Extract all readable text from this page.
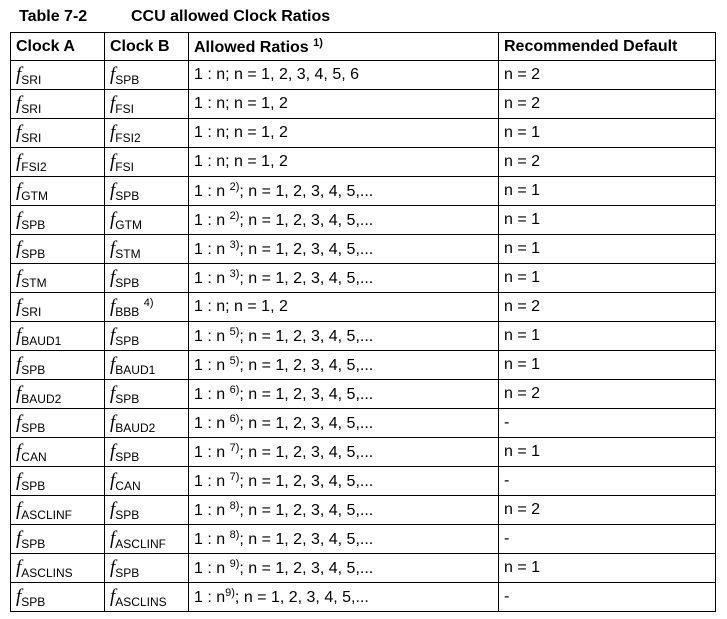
Table 7-2	CCU allowed Clock Ratios
Clock A	Clock B	Allowed Ratios $^{1)}$	Recommended Default
$f_{SRI}$	$f_{SPB}$	1 : n; n = 1, 2, 3, 4, 5, 6	n = 2
$f_{SRI}$	$f_{FSI}$	1 : n; n = 1, 2	n = 2
$f_{SRI}$	$f_{FSI2}$	1 : n; n = 1, 2	n = 1
$f_{FSI2}$	$f_{FSI}$	1 : n; n = 1, 2	n = 2
$f_{GTM}$	$f_{SPB}$	1 : n $^{2)}$; n = 1, 2, 3, 4, 5,...	n = 1
$f_{SPB}$	$f_{GTM}$	1 : n $^{2)}$; n = 1, 2, 3, 4, 5,...	n = 1
$f_{SPB}$	$f_{STM}$	1 : n $^{3)}$; n = 1, 2, 3, 4, 5,...	n = 1
$f_{STM}$	$f_{SPB}$	1 : n $^{3)}$; n = 1, 2, 3, 4, 5,...	n = 1
$f_{SRI}$	$f_{BBB}$ $^{4)}$	1 : n; n = 1, 2	n = 2
$f_{BAUD1}$	$f_{SPB}$	1 : n $^{5)}$; n = 1, 2, 3, 4, 5,...	n = 1
$f_{SPB}$	$f_{BAUD1}$	1 : n $^{5)}$; n = 1, 2, 3, 4, 5,...	n = 1
$f_{BAUD2}$	$f_{SPB}$	1 : n $^{6)}$; n = 1, 2, 3, 4, 5,...	n = 2
$f_{SPB}$	$f_{BAUD2}$	1 : n $^{6)}$; n = 1, 2, 3, 4, 5,...	-
$f_{CAN}$	$f_{SPB}$	1 : n $^{7)}$; n = 1, 2, 3, 4, 5,...	n = 1
$f_{SPB}$	$f_{CAN}$	1 : n $^{7)}$; n = 1, 2, 3, 4, 5,...	-
$f_{ASCLINF}$	$f_{SPB}$	1 : n $^{8)}$; n = 1, 2, 3, 4, 5,...	n = 2
$f_{SPB}$	$f_{ASCLINF}$	1 : n $^{8)}$; n = 1, 2, 3, 4, 5,...	-
$f_{ASCLINS}$	$f_{SPB}$	1 : n $^{9)}$; n = 1, 2, 3, 4, 5,...	n = 1
$f_{SPB}$	$f_{ASCLINS}$	1 : n$^{9)}$; n = 1, 2, 3, 4, 5,...	-
